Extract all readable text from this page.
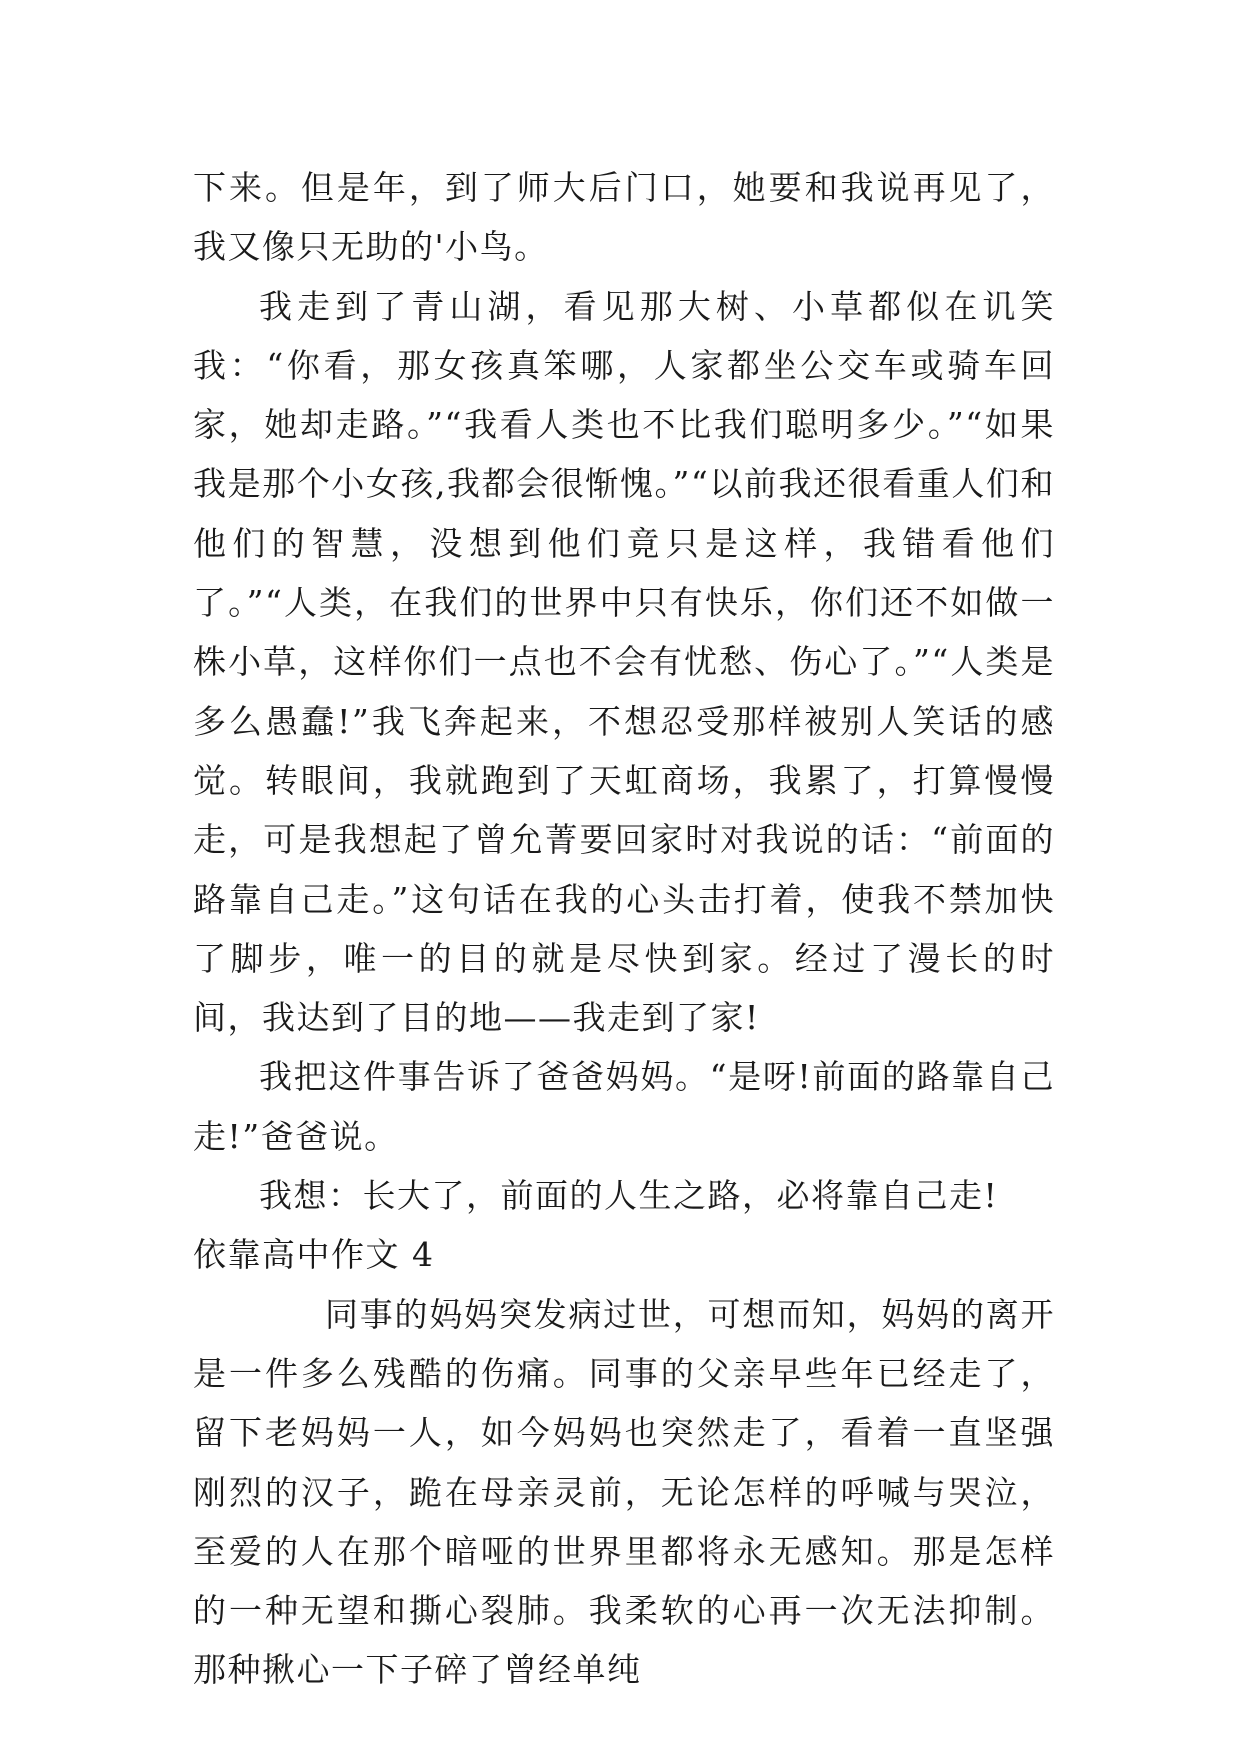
下来。但是年，到了师大后门口，她要和我说再见了，我又像只无助的'小鸟。

我走到了青山湖，看见那大树、小草都似在讥笑我：“你看，那女孩真笨哪，人家都坐公交车或骑车回家，她却走路。”“我看人类也不比我们聪明多少。”“如果我是那个小女孩,我都会很惭愧。”“以前我还很看重人们和他们的智慧，没想到他们竟只是这样，我错看他们了。”“人类，在我们的世界中只有快乐，你们还不如做一株小草，这样你们一点也不会有忧愁、伤心了。”“人类是多么愚蠢!”我飞奔起来，不想忍受那样被别人笑话的感觉。转眼间，我就跑到了天虹商场，我累了，打算慢慢走，可是我想起了曾允菁要回家时对我说的话：“前面的路靠自己走。”这句话在我的心头击打着，使我不禁加快了脚步，唯一的目的就是尽快到家。经过了漫长的时间，我达到了目的地——我走到了家!

我把这件事告诉了爸爸妈妈。“是呀!前面的路靠自己走!”爸爸说。

我想：长大了，前面的人生之路，必将靠自己走!

依靠高中作文 4

同事的妈妈突发病过世，可想而知，妈妈的离开是一件多么残酷的伤痛。同事的父亲早些年已经走了，留下老妈妈一人，如今妈妈也突然走了，看着一直坚强刚烈的汉子，跪在母亲灵前，无论怎样的呼喊与哭泣，至爱的人在那个暗哑的世界里都将永无感知。那是怎样的一种无望和撕心裂肺。我柔软的心再一次无法抑制。那种揪心一下子碎了曾经单纯
